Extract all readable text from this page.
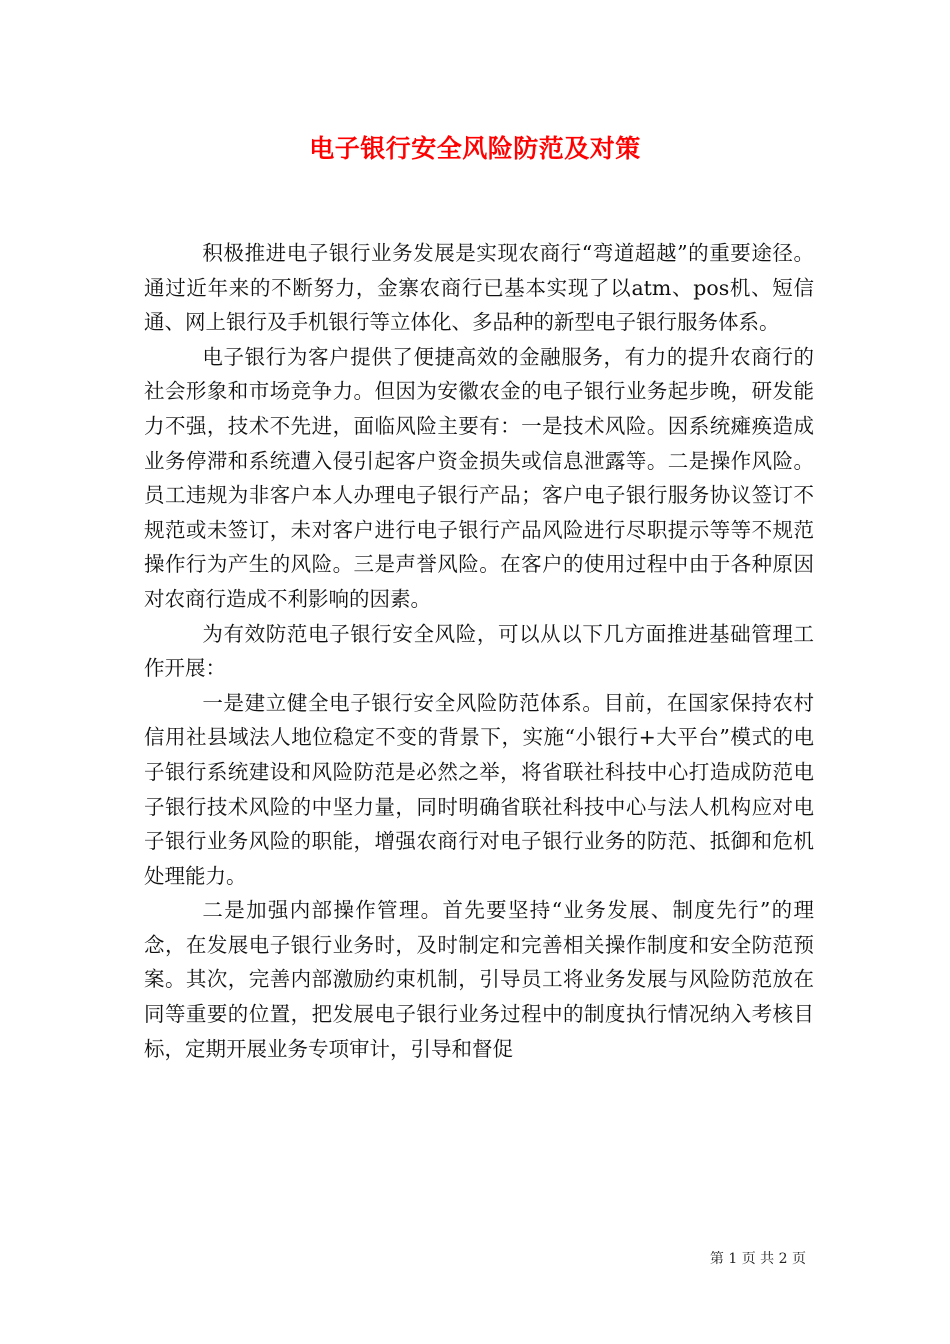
电子银行安全风险防范及对策

积极推进电子银行业务发展是实现农商行“弯道超越”的重要途径。通过近年来的不断努力，金寨农商行已基本实现了以atm、pos机、短信通、网上银行及手机银行等立体化、多品种的新型电子银行服务体系。

电子银行为客户提供了便捷高效的金融服务，有力的提升农商行的社会形象和市场竞争力。但因为安徽农金的电子银行业务起步晚，研发能力不强，技术不先进，面临风险主要有：一是技术风险。因系统瘫痪造成业务停滞和系统遭入侵引起客户资金损失或信息泄露等。二是操作风险。员工违规为非客户本人办理电子银行产品；客户电子银行服务协议签订不规范或未签订，未对客户进行电子银行产品风险进行尽职提示等等不规范操作行为产生的风险。三是声誉风险。在客户的使用过程中由于各种原因对农商行造成不利影响的因素。

为有效防范电子银行安全风险，可以从以下几方面推进基础管理工作开展：

一是建立健全电子银行安全风险防范体系。目前，在国家保持农村信用社县域法人地位稳定不变的背景下，实施“小银行+大平台”模式的电子银行系统建设和风险防范是必然之举，将省联社科技中心打造成防范电子银行技术风险的中坚力量，同时明确省联社科技中心与法人机构应对电子银行业务风险的职能，增强农商行对电子银行业务的防范、抵御和危机处理能力。

二是加强内部操作管理。首先要坚持“业务发展、制度先行”的理念，在发展电子银行业务时，及时制定和完善相关操作制度和安全防范预案。其次，完善内部激励约束机制，引导员工将业务发展与风险防范放在同等重要的位置，把发展电子银行业务过程中的制度执行情况纳入考核目标，定期开展业务专项审计，引导和督促

第 1 页 共 2 页
